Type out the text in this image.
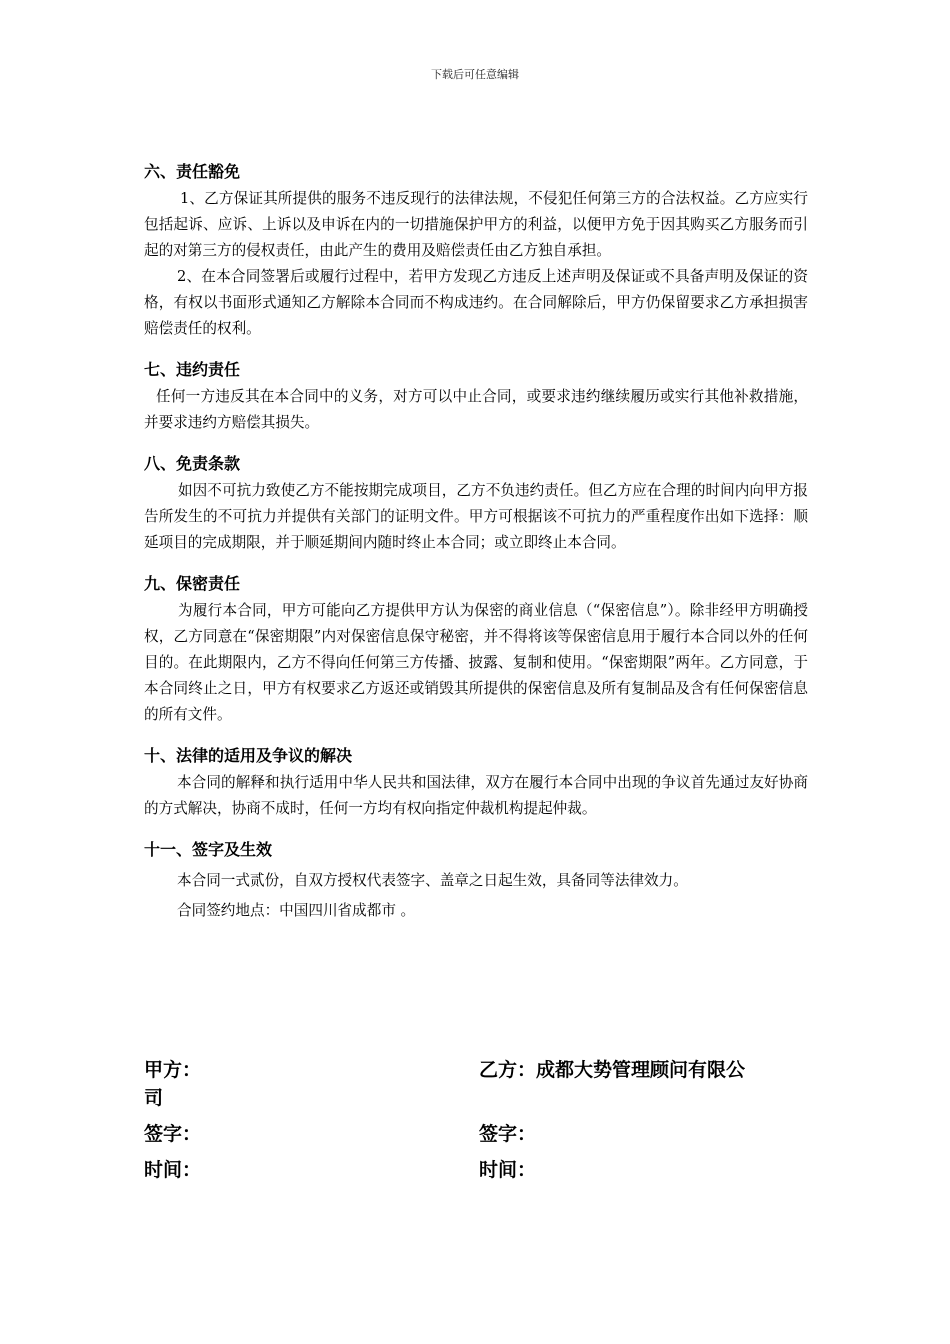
下载后可任意编辑

六、责任豁免

1、乙方保证其所提供的服务不违反现行的法律法规，不侵犯任何第三方的合法权益。乙方应实行包括起诉、应诉、上诉以及申诉在内的一切措施保护甲方的利益，以便甲方免于因其购买乙方服务而引起的对第三方的侵权责任，由此产生的费用及赔偿责任由乙方独自承担。

2、在本合同签署后或履行过程中，若甲方发现乙方违反上述声明及保证或不具备声明及保证的资格，有权以书面形式通知乙方解除本合同而不构成违约。在合同解除后，甲方仍保留要求乙方承担损害赔偿责任的权利。

七、违约责任

任何一方违反其在本合同中的义务，对方可以中止合同，或要求违约继续履历或实行其他补救措施，并要求违约方赔偿其损失。

八、免责条款

如因不可抗力致使乙方不能按期完成项目，乙方不负违约责任。但乙方应在合理的时间内向甲方报告所发生的不可抗力并提供有关部门的证明文件。甲方可根据该不可抗力的严重程度作出如下选择：顺延项目的完成期限，并于顺延期间内随时终止本合同；或立即终止本合同。

九、保密责任

为履行本合同，甲方可能向乙方提供甲方认为保密的商业信息（“保密信息”）。除非经甲方明确授权，乙方同意在“保密期限”内对保密信息保守秘密，并不得将该等保密信息用于履行本合同以外的任何目的。在此期限内，乙方不得向任何第三方传播、披露、复制和使用。“保密期限”两年。乙方同意，于本合同终止之日，甲方有权要求乙方返还或销毁其所提供的保密信息及所有复制品及含有任何保密信息的所有文件。

十、法律的适用及争议的解决

本合同的解释和执行适用中华人民共和国法律，双方在履行本合同中出现的争议首先通过友好协商的方式解决，协商不成时，任何一方均有权向指定仲裁机构提起仲裁。

十一、签字及生效

本合同一式贰份，自双方授权代表签字、盖章之日起生效，具备同等法律效力。

合同签约地点：中国四川省成都市 。

甲方：	乙方：成都大势管理顾问有限公
司
签字：	签字：
时间：	时间：
